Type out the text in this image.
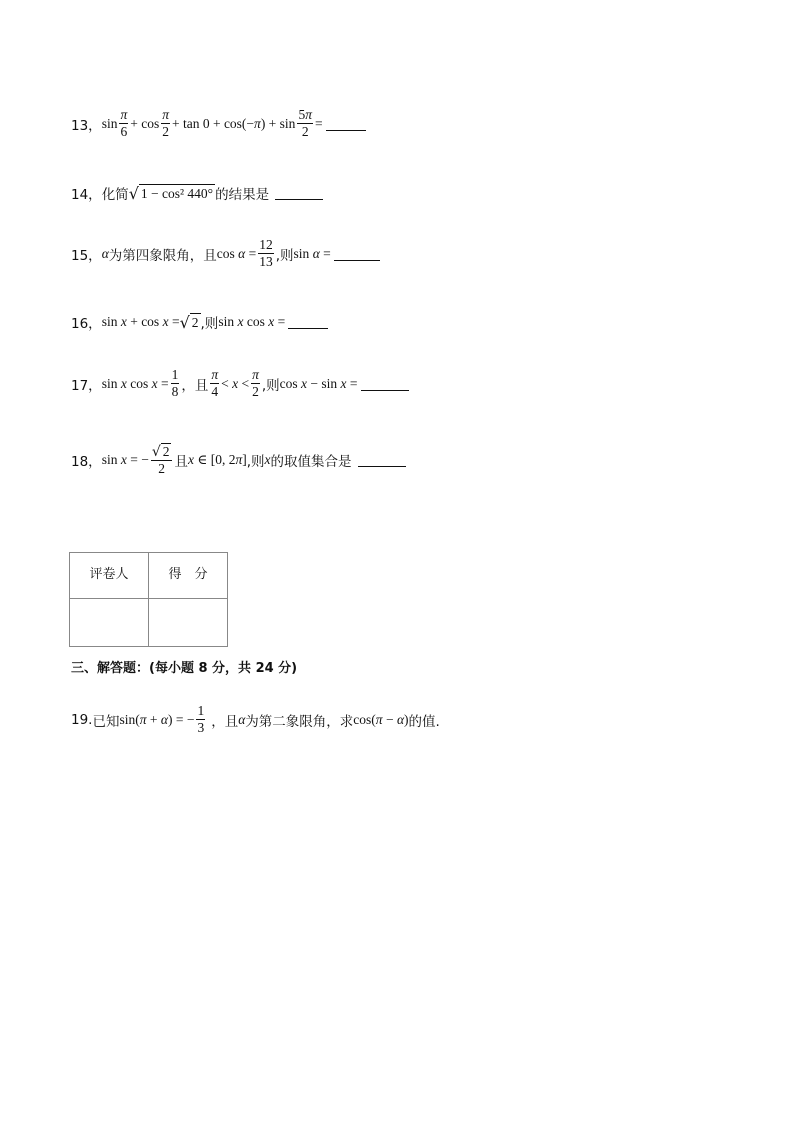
13， $\sin \frac{\pi}{6} + \cos \frac{\pi}{2} + \tan 0 + \cos(-\pi) + \sin \frac{5\pi}{2}$ =
14， 化简 √ 1 − cos² 440° 的结果是
15， α 为第四象限角，且 $\cos \alpha = \frac{12}{13}$ ,则 sin α =
16， sin x + cos x = √ 2 ,则 sin x cos x =
17， sin x $\cos x = \frac{1}{8}$ ，且 $\frac{\pi}{4} < x < \frac{\pi}{2}$ ,则 cos x − sin x =
18， sin x = − $\frac{√ 2}{2}$ 且 x ∈ [0, 2π] ,则 x 的取值集合是
评卷人	得　分

三、解答题：(每小题 8 分，共 24 分)
19. 已知 sin(π + α) = − $\frac{1}{3}$ ，且 α 为第二象限角，求 cos(π − α) 的值.
